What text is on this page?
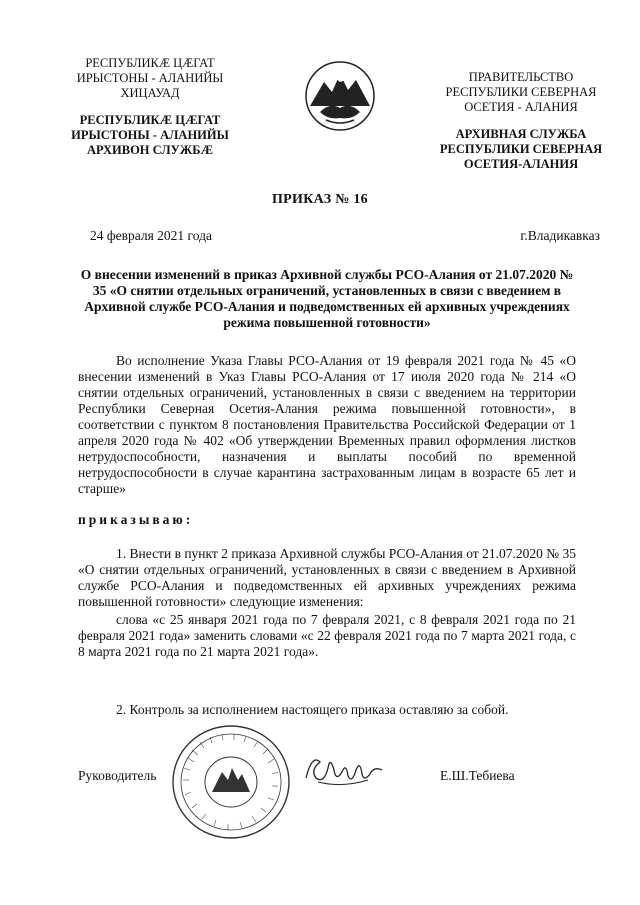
РЕСПУБЛИКӔ ЦӔГАТ
ИРЫСТОНЫ - АЛАНИЙЫ
ХИЦАУАД
РЕСПУБЛИКӔ ЦӔГАТ
ИРЫСТОНЫ - АЛАНИЙЫ
АРХИВОН СЛУЖБӔ
ПРАВИТЕЛЬСТВО
РЕСПУБЛИКИ СЕВЕРНАЯ
ОСЕТИЯ - АЛАНИЯ
АРХИВНАЯ СЛУЖБА
РЕСПУБЛИКИ СЕВЕРНАЯ
ОСЕТИЯ-АЛАНИЯ
ПРИКАЗ № 16
24 февраля 2021 года	г.Владикавказ
О внесении изменений в приказ Архивной службы РСО-Алания от 21.07.2020 № 35 «О снятии отдельных ограничений, установленных в связи с введением в Архивной службе РСО-Алания и подведомственных ей архивных учреждениях режима повышенной готовности»
Во исполнение Указа Главы РСО-Алания от 19 февраля 2021 года № 45 «О внесении изменений в Указ Главы РСО-Алания от 17 июля 2020 года № 214 «О снятии отдельных ограничений, установленных в связи с введением на территории Республики Северная Осетия-Алания режима повышенной готовности», в соответствии с пунктом 8 постановления Правительства Российской Федерации от 1 апреля 2020 года № 402 «Об утверждении Временных правил оформления листков нетрудоспособности, назначения и выплаты пособий по временной нетрудоспособности в случае карантина застрахованным лицам в возрасте 65 лет и старше»
приказываю:
1. Внести в пункт 2 приказа Архивной службы РСО-Алания от 21.07.2020 № 35 «О снятии отдельных ограничений, установленных в связи с введением в Архивной службе РСО-Алания и подведомственных ей архивных учреждениях режима повышенной готовности» следующие изменения:
слова «с 25 января 2021 года по 7 февраля 2021, с 8 февраля 2021 года по 21 февраля 2021 года» заменить словами «с 22 февраля 2021 года по 7 марта 2021 года, с 8 марта 2021 года по 21 марта 2021 года».
2. Контроль за исполнением настоящего приказа оставляю за собой.
Руководитель	Е.Ш.Тебиева
